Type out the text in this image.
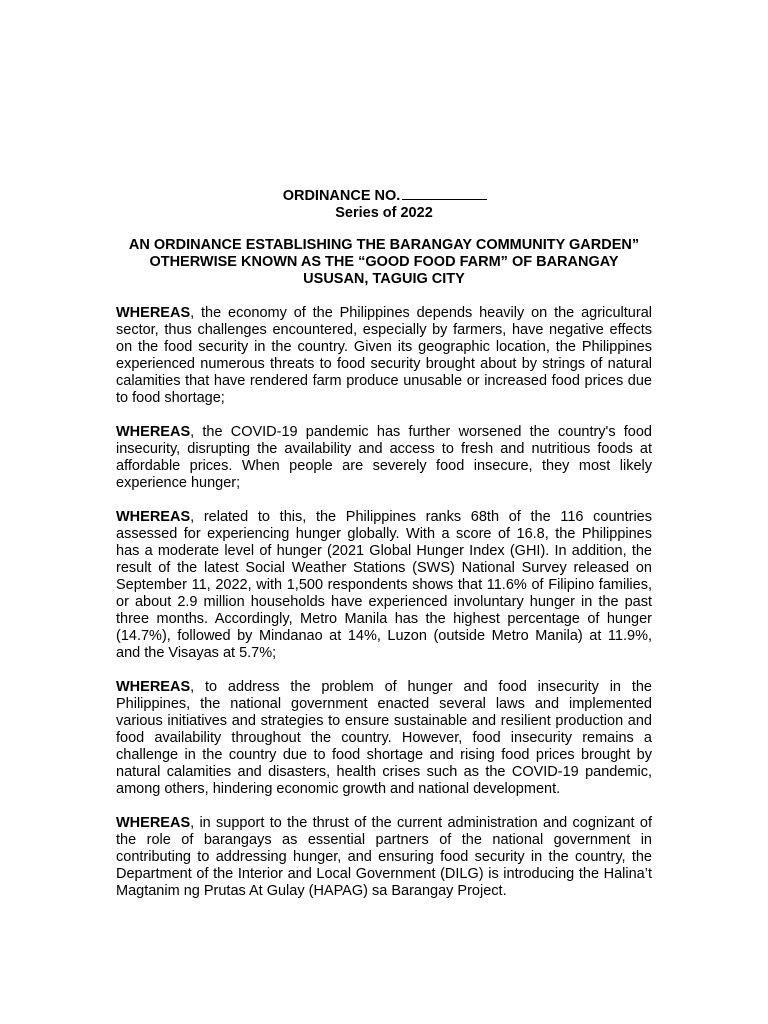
ORDINANCE NO.
Series of 2022
AN ORDINANCE ESTABLISHING THE BARANGAY COMMUNITY GARDEN” OTHERWISE KNOWN AS THE “GOOD FOOD FARM” OF BARANGAY USUSAN, TAGUIG CITY

WHEREAS, the economy of the Philippines depends heavily on the agricultural sector, thus challenges encountered, especially by farmers, have negative effects on the food security in the country. Given its geographic location, the Philippines experienced numerous threats to food security brought about by strings of natural calamities that have rendered farm produce unusable or increased food prices due to food shortage;

WHEREAS, the COVID-19 pandemic has further worsened the country's food insecurity, disrupting the availability and access to fresh and nutritious foods at affordable prices. When people are severely food insecure, they most likely experience hunger;

WHEREAS, related to this, the Philippines ranks 68th of the 116 countries assessed for experiencing hunger globally. With a score of 16.8, the Philippines has a moderate level of hunger (2021 Global Hunger Index (GHI). In addition, the result of the latest Social Weather Stations (SWS) National Survey released on September 11, 2022, with 1,500 respondents shows that 11.6% of Filipino families, or about 2.9 million households have experienced involuntary hunger in the past three months. Accordingly, Metro Manila has the highest percentage of hunger (14.7%), followed by Mindanao at 14%, Luzon (outside Metro Manila) at 11.9%, and the Visayas at 5.7%;

WHEREAS, to address the problem of hunger and food insecurity in the Philippines, the national government enacted several laws and implemented various initiatives and strategies to ensure sustainable and resilient production and food availability throughout the country. However, food insecurity remains a challenge in the country due to food shortage and rising food prices brought by natural calamities and disasters, health crises such as the COVID-19 pandemic, among others, hindering economic growth and national development.

WHEREAS, in support to the thrust of the current administration and cognizant of the role of barangays as essential partners of the national government in contributing to addressing hunger, and ensuring food security in the country, the Department of the Interior and Local Government (DILG) is introducing the Halina’t Magtanim ng Prutas At Gulay (HAPAG) sa Barangay Project.
